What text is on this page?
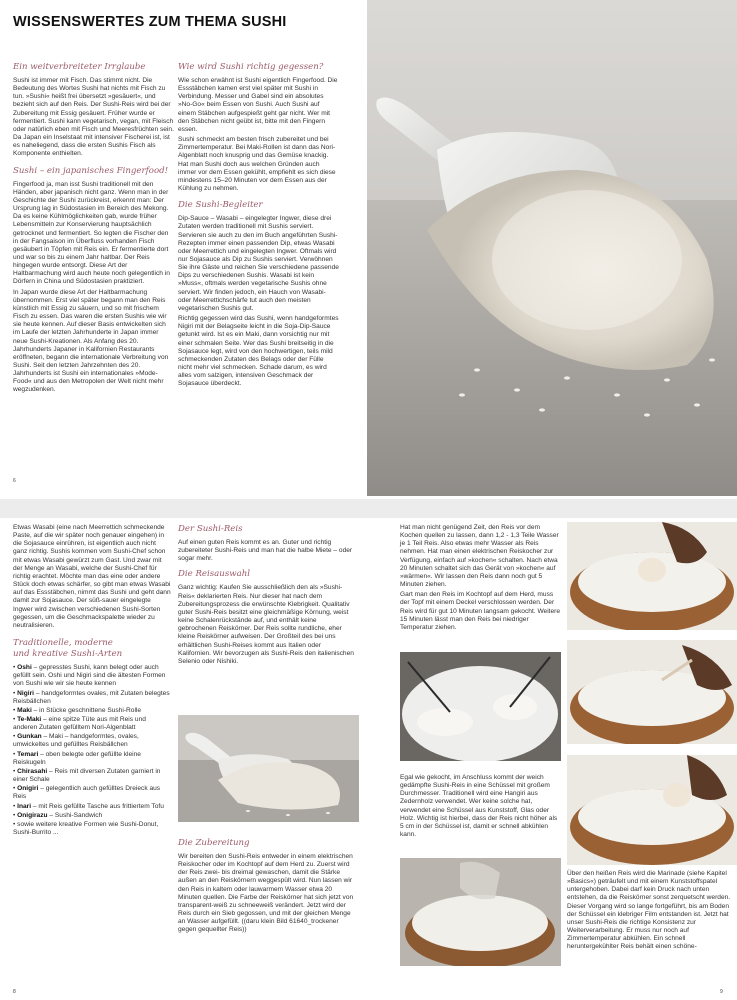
WISSENSWERTES ZUM THEMA SUSHI
Ein weitverbreiteter Irrglaube

Sushi ist immer mit Fisch. Das stimmt nicht. Die Bedeutung des Wortes Sushi hat nichts mit Fisch zu tun. »Sushi« heißt frei übersetzt »gesäuert«, und bezieht sich auf den Reis. Der Sushi-Reis wird bei der Zubereitung mit Essig gesäuert. Früher wurde er fermentiert. Sushi kann vegetarisch, vegan, mit Fleisch oder natürlich eben mit Fisch und Meeresfrüchten sein. Da Japan ein Inselstaat mit intensiver Fischerei ist, ist es naheliegend, dass die ersten Sushis Fisch als Komponente enthielten.

Sushi – ein japanisches Fingerfood!

Fingerfood ja, man isst Sushi traditionell mit den Händen, aber japanisch nicht ganz. Wenn man in der Geschichte der Sushi zurückreist, erkennt man: Der Ursprung lag in Südostasien im Bereich des Mekong. Da es keine Kühlmöglichkeiten gab, wurde früher Lebensmitteln zur Konservierung hauptsächlich getrocknet und fermentiert. So legten die Fischer den in der Fangsaison im Überfluss vorhanden Fisch gesäubert in Töpfen mit Reis ein. Er fermentierte dort und war so bis zu einem Jahr haltbar. Der Reis hingegen wurde entsorgt. Diese Art der Haltbarmachung wird auch heute noch gelegentlich in Dörfern in China und Südostasien praktiziert.

In Japan wurde diese Art der Haltbarmachung übernommen. Erst viel später begann man den Reis künstlich mit Essig zu säuern, und so mit frischem Fisch zu essen. Das waren die ersten Sushis wie wir sie heute kennen. Auf dieser Basis entwickelten sich im Laufe der letzten Jahrhunderte in Japan immer neue Sushi-Kreationen. Als Anfang des 20. Jahrhunderts Japaner in Kalifornien Restaurants eröffneten, begann die internationale Verbreitung von Sushi. Seit den letzten Jahrzehnten des 20. Jahrhunderts ist Sushi ein internationales »Mode-Food« und aus den Metropolen der Welt nicht mehr wegzudenken.

Wie wird Sushi richtig gegessen?

Wie schon erwähnt ist Sushi eigentlich Fingerfood. Die Essstäbchen kamen erst viel später mit Sushi in Verbindung. Messer und Gabel sind ein absolutes »No-Go« beim Essen von Sushi. Auch Sushi auf einem Stäbchen aufgespießt geht gar nicht. Wer mit den Stäbchen nicht geübt ist, bitte mit den Fingern essen.

Sushi schmeckt am besten frisch zubereitet und bei Zimmertemperatur. Bei Maki-Rollen ist dann das Nori-Algenblatt noch knusprig und das Gemüse knackig. Hat man Sushi doch aus welchen Gründen auch immer vor dem Essen gekühlt, empfiehlt es sich diese mindestens 15–20 Minuten vor dem Essen aus der Kühlung zu nehmen.

Die Sushi-Begleiter

Dip-Sauce – Wasabi – eingelegter Ingwer, diese drei Zutaten werden traditionell mit Sushis serviert. Servieren sie auch zu den im Buch angeführten Sushi-Rezepten immer einen passenden Dip, etwas Wasabi oder Meerrettich und eingelegten Ingwer. Oftmals wird nur Sojasauce als Dip zu Sushis serviert. Verwöhnen Sie ihre Gäste und reichen Sie verschiedene passende Dips zu verschiedenen Sushis. Wasabi ist kein »Muss«, oftmals werden vegetarische Sushis ohne serviert. Wir finden jedoch, ein Hauch von Wasabi- oder Meerrettichschärfe tut auch den meisten vegetarischen Sushis gut.

Richtig gegessen wird das Sushi, wenn handgeformtes Nigiri mit der Belagseite leicht in die Soja-Dip-Sauce getunkt wird. Ist es ein Maki, dann vorsichtig nur mit einer schmalen Seite. Wer das Sushi breitseitig in die Sojasauce legt, wird von den hochwertigen, teils mild schmeckenden Zutaten des Belags oder der Fülle nicht mehr viel schmecken. Schade darum, es wird alles vom salzigen, intensiven Geschmack der Sojasauce überdeckt.

6

Etwas Wasabi (eine nach Meerrettich schmeckende Paste, auf die wir später noch genauer eingehen) in die Sojasauce einrühren, ist eigentlich auch nicht ganz richtig. Sushis kommen vom Sushi-Chef schon mit etwas Wasabi gewürzt zum Gast. Und zwar mit der Menge an Wasabi, welche der Sushi-Chef für richtig erachtet. Möchte man das eine oder andere Stück doch etwas schärfer, so gibt man etwas Wasabi auf das Essstäbchen, nimmt das Sushi und geht dann damit zur Sojasauce. Der süß-sauer eingelegte Ingwer wird zwischen verschiedenen Sushi-Sorten gegessen, um die Geschmackspalette wieder zu neutralisieren.

Traditionelle, moderne und kreative Sushi-Arten
• Oshi – gepresstes Sushi, kann belegt oder auch gefüllt sein. Oshi und Nigiri sind die ältesten Formen von Sushi wie wir sie heute kennen
• Nigiri – handgeformtes ovales, mit Zutaten belegtes Reisbällchen
• Maki – in Stücke geschnittene Sushi-Rolle
• Te-Maki – eine spitze Tüte aus mit Reis und anderen Zutaten gefülltem Nori-Algenblatt
• Gunkan – Maki – handgeformtes, ovales, umwickeltes und gefülltes Reisbällchen
• Temari – oben belegte oder gefüllte kleine Reiskugeln
• Chirasahi – Reis mit diversen Zutaten garniert in einer Schale
• Onigiri – gelegentlich auch gefülltes Dreieck aus Reis
• Inari – mit Reis gefüllte Tasche aus frittiertem Tofu
• Onigirazu – Sushi-Sandwich
• sowie weitere kreative Formen wie Sushi-Donut, Sushi-Burrito ...
8
Der Sushi-Reis

Auf einen guten Reis kommt es an. Guter und richtig zubereiteter Sushi-Reis und man hat die halbe Miete – oder sogar mehr.

Die Reisauswahl

Ganz wichtig: Kaufen Sie ausschließlich den als »Sushi-Reis« deklarierten Reis. Nur dieser hat nach dem Zubereitungsprozess die erwünschte Klebrigkeit. Qualitativ guter Sushi-Reis besitzt eine gleichmäßige Körnung, weist keine Schalenrückstände auf, und enthält keine gebrochenen Reiskörner. Der Reis sollte rundliche, eher kleine Reiskörner aufweisen. Der Großteil des bei uns erhältlichen Sushi-Reises kommt aus Italien oder Kalifornien. Wir bevorzugen als Sushi-Reis den italienischen Selenio oder Nishiki.

Die Zubereitung

Wir bereiten den Sushi-Reis entweder in einem elektrischen Reiskocher oder im Kochtopf auf dem Herd zu. Zuerst wird der Reis zwei- bis dreimal gewaschen, damit die Stärke außen an den Reiskörnern weggespült wird. Nun lassen wir den Reis in kaltem oder lauwarmem Wasser etwa 20 Minuten quellen. Die Farbe der Reiskörner hat sich jetzt von transparent-weiß zu schneeweiß verändert. Jetzt wird der Reis durch ein Sieb gegossen, und mit der gleichen Menge an Wasser aufgefüllt. ((daru klein Bild 61640_trockener gegen gequellter Reis))

Hat man nicht genügend Zeit, den Reis vor dem Kochen quellen zu lassen, dann 1,2 - 1,3 Teile Wasser je 1 Teil Reis. Also etwas mehr Wasser als Reis nehmen. Hat man einen elektrischen Reiskocher zur Verfügung, einfach auf »kochen« schalten. Nach etwa 20 Minuten schaltet sich das Gerät von »kochen« auf »wärmen«. Wir lassen den Reis dann noch gut 5 Minuten ziehen.

Gart man den Reis im Kochtopf auf dem Herd, muss der Topf mit einem Deckel verschlossen werden. Der Reis wird für gut 10 Minuten langsam gekocht. Weitere 15 Minuten lässt man den Reis bei niedriger Temperatur ziehen.

Egal wie gekocht, im Anschluss kommt der weich gedämpfte Sushi-Reis in eine Schüssel mit großem Durchmesser. Traditionell wird eine Hangiri aus Zedernholz verwendet. Wer keine solche hat, verwendet eine Schüssel aus Kunststoff, Glas oder Holz. Wichtig ist hierbei, dass der Reis nicht höher als 5 cm in der Schüssel ist, damit er schnell abkühlen kann.

Über den heißen Reis wird die Marinade (siehe Kapitel »Basics«) geträufelt und mit einem Kunststoffspatel untergehoben. Dabei darf kein Druck nach unten entstehen, da die Reiskörner sonst zerquetscht werden. Dieser Vorgang wird so lange fortgeführt, bis am Boden der Schüssel ein klebriger Film entstanden ist. Jetzt hat unser Sushi-Reis die richtige Konsistenz zur Weiterverarbeitung. Er muss nur noch auf Zimmertemperatur abkühlen. Ein schnell heruntergekühlter Reis behält einen schöne-

9
